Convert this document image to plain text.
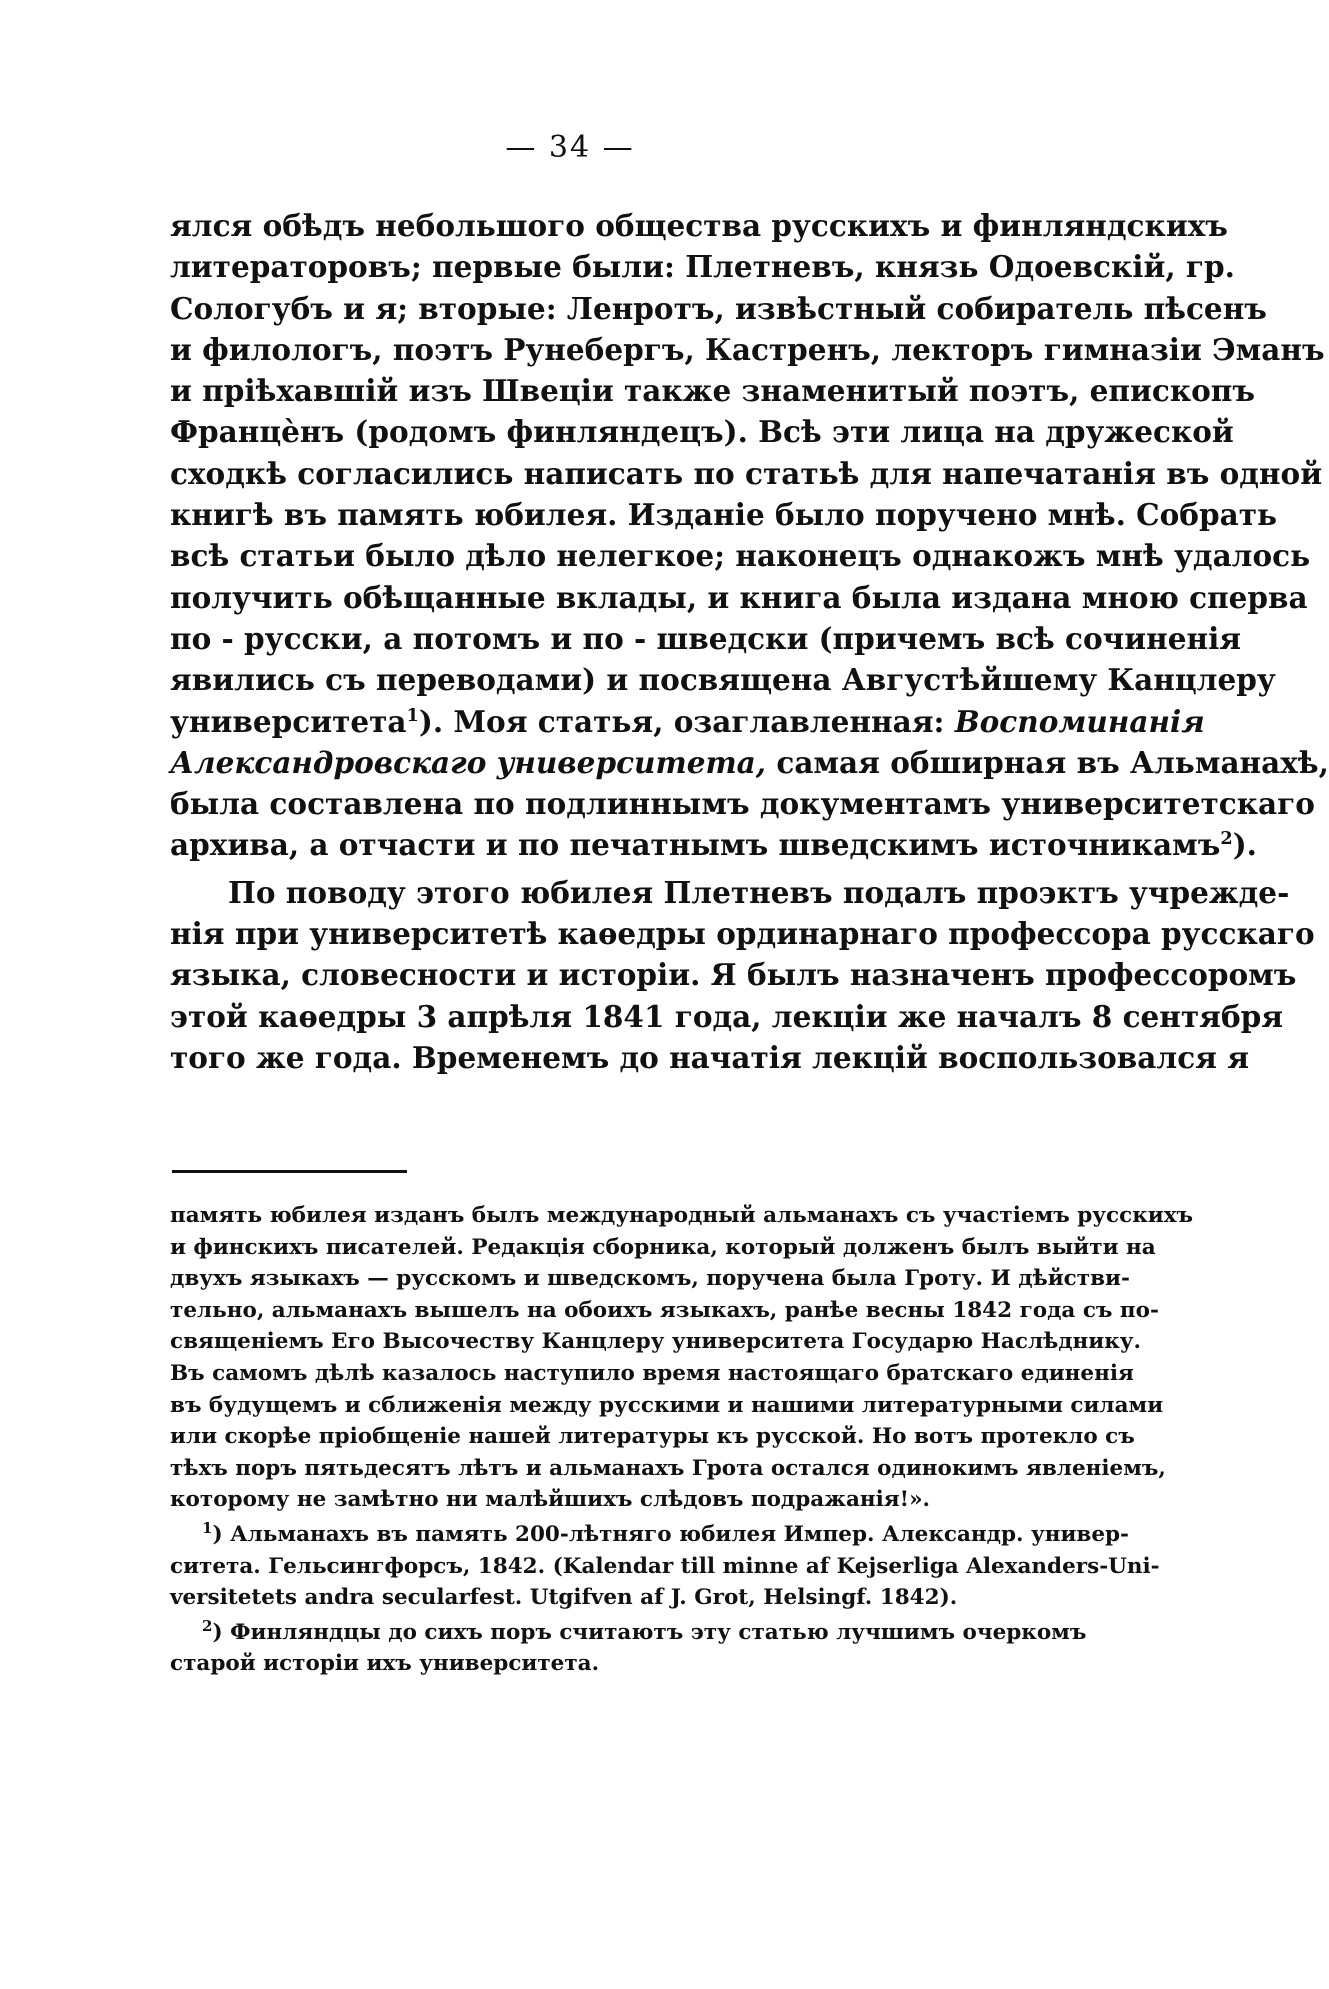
— 34 —
ялся обѣдъ небольшого общества русскихъ и финляндскихъ
литераторовъ; первые были: Плетневъ, князь Одоевскій, гр.
Сологубъ и я; вторые: Ленротъ, извѣстный собиратель пѣсенъ
и филологъ, поэтъ Рунебергъ, Кастренъ, лекторъ гимназіи Эманъ
и пріѣхавшій изъ Швеціи также знаменитый поэтъ, епископъ
Францѐнъ (родомъ финляндецъ). Всѣ эти лица на дружеской
сходкѣ согласились написать по статьѣ для напечатанія въ одной
книгѣ въ память юбилея. Изданіе было поручено мнѣ. Собрать
всѣ статьи было дѣло нелегкое; наконецъ однакожъ мнѣ удалось
получить обѣщанные вклады, и книга была издана мною сперва
по - русски, а потомъ и по - шведски (причемъ всѣ сочиненія
явились съ переводами) и посвящена Августѣйшему Канцлеру
университета$^1$). Моя статья, озаглавленная: Воспоминанія
Александровскаго университета, самая обширная въ Альманахѣ,
была составлена по подлиннымъ документамъ университетскаго
архива, а отчасти и по печатнымъ шведскимъ источникамъ$^2$).
По поводу этого юбилея Плетневъ подалъ проэктъ учрежде-
нія при университетѣ каѳедры ординарнаго профессора русскаго
языка, словесности и исторіи. Я былъ назначенъ профессоромъ
этой каѳедры 3 апрѣля 1841 года, лекціи же началъ 8 сентября
того же года. Временемъ до начатія лекцій воспользовался я
память юбилея изданъ былъ международный альманахъ съ участіемъ русскихъ
и финскихъ писателей. Редакція сборника, который долженъ былъ выйти на
двухъ языкахъ — русскомъ и шведскомъ, поручена была Гроту. И дѣйстви-
тельно, альманахъ вышелъ на обоихъ языкахъ, ранѣе весны 1842 года съ по-
священіемъ Его Высочеству Канцлеру университета Государю Наслѣднику.
Въ самомъ дѣлѣ казалось наступило время настоящаго братскаго единенія
въ будущемъ и сближенія между русскими и нашими литературными силами
или скорѣе пріобщеніе нашей литературы къ русской. Но вотъ протекло съ
тѣхъ поръ пятьдесятъ лѣтъ и альманахъ Грота остался одинокимъ явленіемъ,
которому не замѣтно ни малѣйшихъ слѣдовъ подражанія!».
$^1$) Альманахъ въ память 200-лѣтняго юбилея Импер. Александр. универ-
ситета. Гельсингфорсъ, 1842. (Kalendar till minne af Kejserliga Alexanders-Uni-
versitetets andra secularfest. Utgifven af J. Grot, Helsingf. 1842).
$^2$) Финляндцы до сихъ поръ считаютъ эту статью лучшимъ очеркомъ
старой исторіи ихъ университета.
